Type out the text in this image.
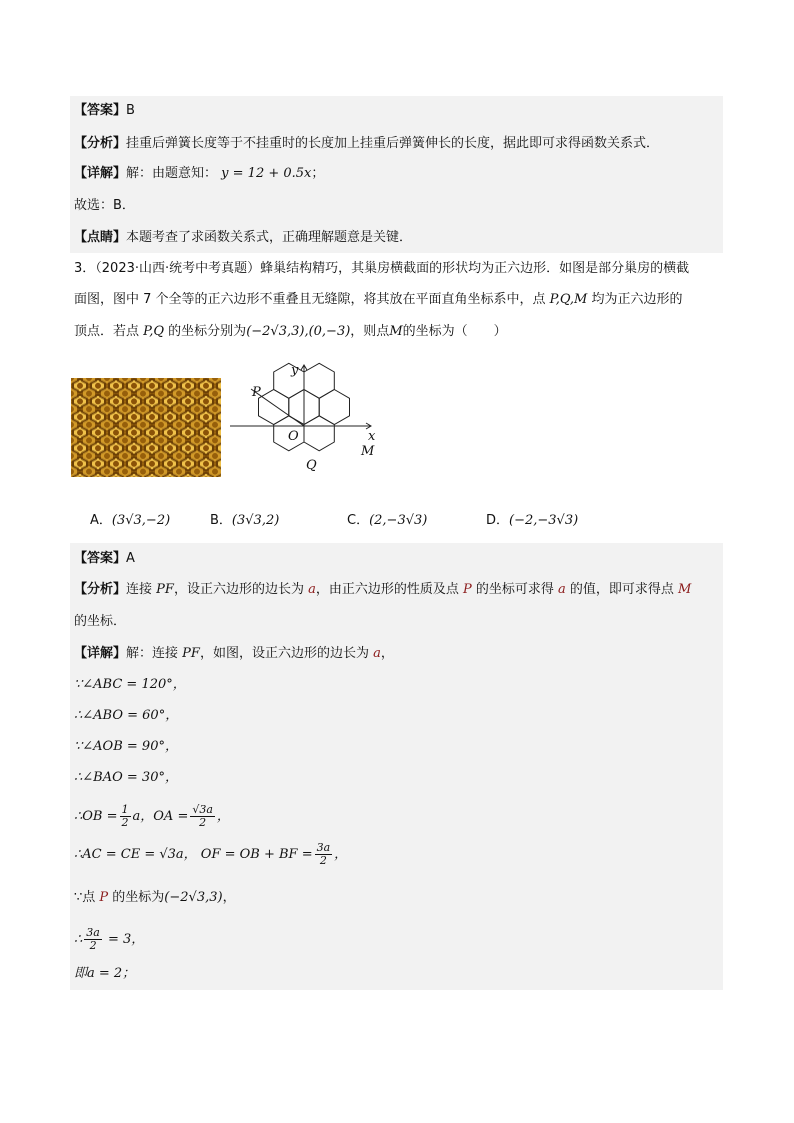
【答案】B
【分析】挂重后弹簧长度等于不挂重时的长度加上挂重后弹簧伸长的长度，据此即可求得函数关系式．
【详解】解：由题意知： y = 12 + 0.5x；
故选：B．
【点睛】本题考查了求函数关系式，正确理解题意是关键．
3．（2023·山西·统考中考真题）蜂巢结构精巧，其巢房横截面的形状均为正六边形．如图是部分巢房的横截
面图，图中 7 个全等的正六边形不重叠且无缝隙，将其放在平面直角坐标系中，点 P,Q,M 均为正六边形的
顶点．若点 P,Q 的坐标分别为(−2√3,3),(0,−3)，则点M的坐标为（　　）
y
x
P
O
Q
M
A．(3√3,−2)	B．(3√3,2)	C．(2,−3√3)	D．(−2,−3√3)
【答案】A
【分析】连接 PF，设正六边形的边长为 a，由正六边形的性质及点 P 的坐标可求得 a 的值，即可求得点 M
的坐标．
【详解】解：连接 PF，如图，设正六边形的边长为 a，
∵∠ABC = 120°，
∴∠ABO = 60°，
∵∠AOB = 90°，
∴∠BAO = 30°，
∴OB = $\frac{1}{2}$ a，OA = $\frac{√3a}{2}$ ，
∴AC = CE = √3a， OF = OB + BF = $\frac{3a}{2}$ ，
∵点 P 的坐标为(−2√3,3)，
∴ $\frac{3a}{2} = 3$，
即a = 2；
